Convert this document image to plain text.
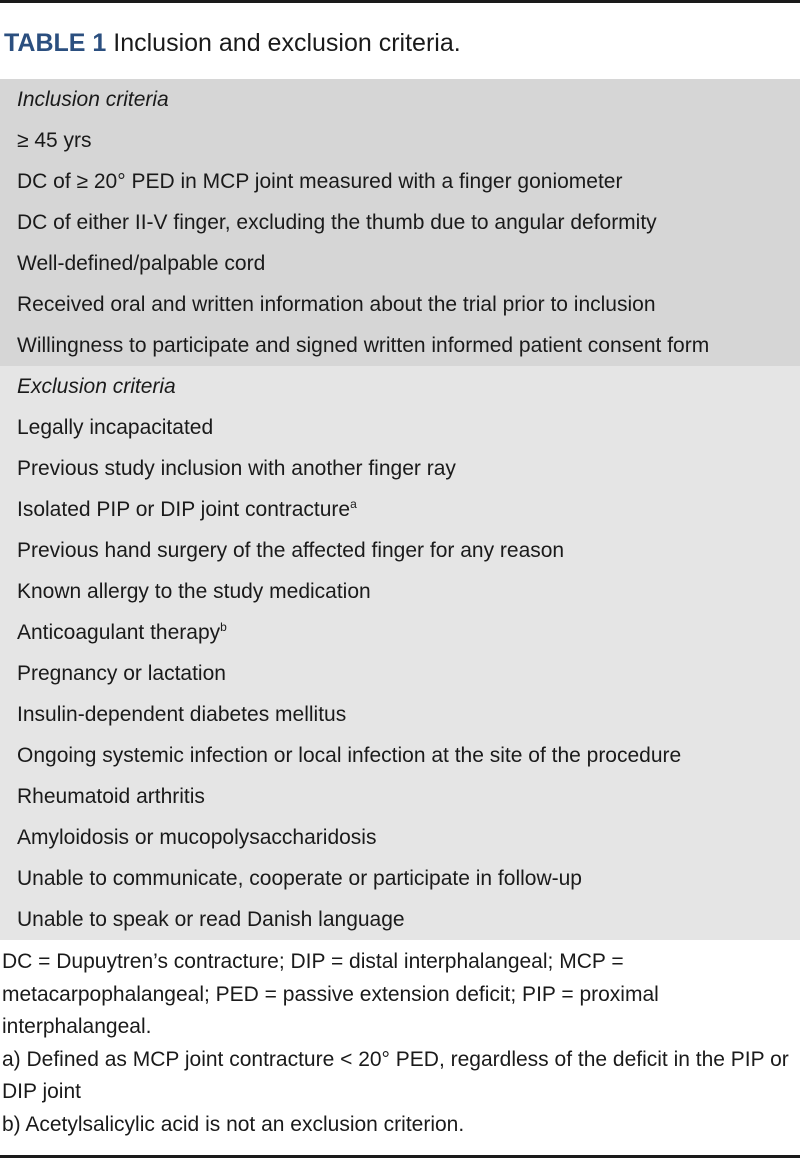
TABLE 1 Inclusion and exclusion criteria.
Inclusion criteria
≥ 45 yrs
DC of ≥ 20° PED in MCP joint measured with a finger goniometer
DC of either II-V finger, excluding the thumb due to angular deformity
Well-defined/palpable cord
Received oral and written information about the trial prior to inclusion
Willingness to participate and signed written informed patient consent form
Exclusion criteria
Legally incapacitated
Previous study inclusion with another finger ray
Isolated PIP or DIP joint contracture$^a$
Previous hand surgery of the affected finger for any reason
Known allergy to the study medication
Anticoagulant therapy$^b$
Pregnancy or lactation
Insulin-dependent diabetes mellitus
Ongoing systemic infection or local infection at the site of the procedure
Rheumatoid arthritis
Amyloidosis or mucopolysaccharidosis
Unable to communicate, cooperate or participate in follow-up
Unable to speak or read Danish language

DC = Dupuytren’s contracture; DIP = distal interphalangeal; MCP = metacarpophalangeal; PED = passive extension deficit; PIP = proximal interphalangeal.

a) Defined as MCP joint contracture < 20° PED, regardless of the deficit in the PIP or DIP joint

b) Acetylsalicylic acid is not an exclusion criterion.
